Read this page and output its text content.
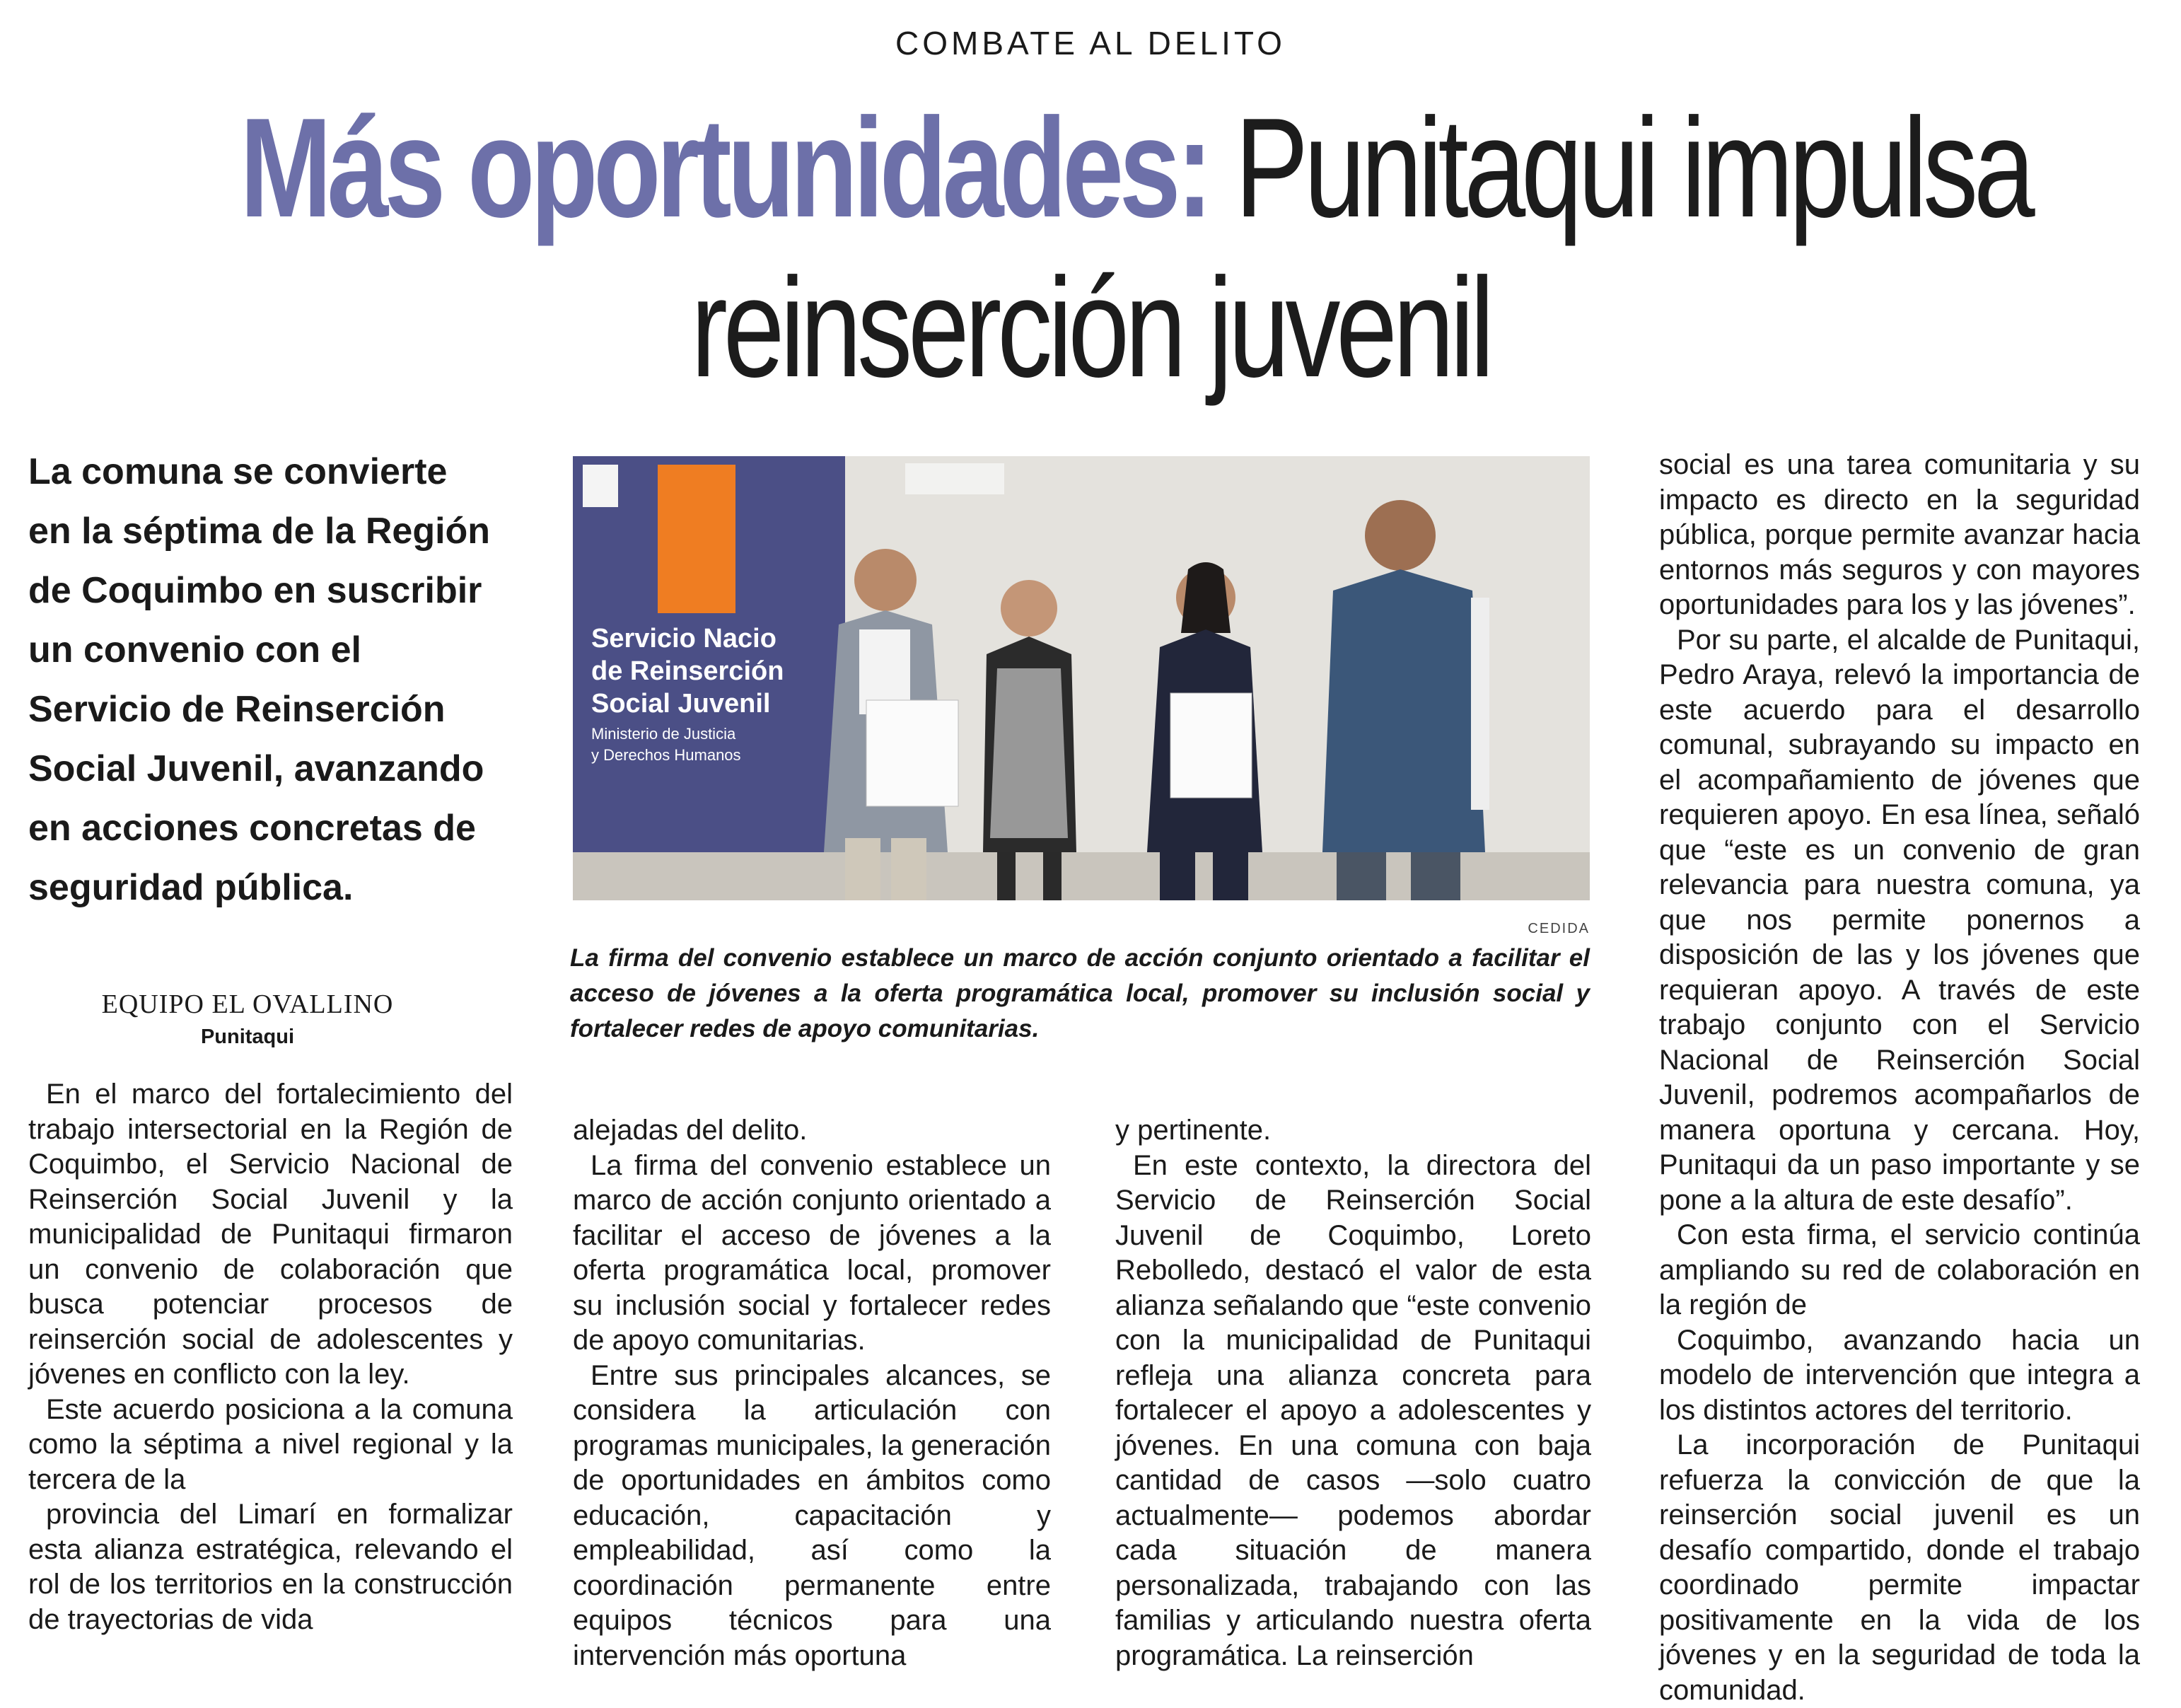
COMBATE AL DELITO
Más oportunidades: Punitaqui impulsa
reinserción juvenil
La comuna se convierte en la séptima de la Región de Coquimbo en suscribir un convenio con el Servicio de Reinserción Social Juvenil, avanzando en acciones concretas de seguridad pública.
EQUIPO EL OVALLINO
Punitaqui
Servicio Nacio
de Reinserción
Social Juvenil
Ministerio de Justicia
y Derechos Humanos
CEDIDA
La firma del convenio establece un marco de acción conjunto orientado a facilitar el acceso de jóvenes a la oferta programática local, promover su inclusión social y fortalecer redes de apoyo comunitarias.

En el marco del fortalecimiento del trabajo intersectorial en la Región de Coquimbo, el Servicio Nacional de Reinserción Social Juvenil y la municipalidad de Punitaqui firmaron un convenio de colaboración que busca potenciar procesos de reinserción social de adolescentes y jóvenes en conflicto con la ley.

Este acuerdo posiciona a la comuna como la séptima a nivel regional y la tercera de la

provincia del Limarí en formalizar esta alianza estratégica, relevando el rol de los territorios en la construcción de trayectorias de vida

alejadas del delito.

La firma del convenio establece un marco de acción conjunto orientado a facilitar el acceso de jóvenes a la oferta programática local, promover su inclusión social y fortalecer redes de apoyo comunitarias.

Entre sus principales alcances, se considera la articulación con programas municipales, la generación de oportunidades en ámbitos como educación, capacitación y empleabilidad, así como la coordinación permanente entre equipos técnicos para una intervención más oportuna

y pertinente.

En este contexto, la directora del Servicio de Reinserción Social Juvenil de Coquimbo, Loreto Rebolledo, destacó el valor de esta alianza señalando que “este convenio con la municipalidad de Punitaqui refleja una alianza concreta para fortalecer el apoyo a adolescentes y jóvenes. En una comuna con baja cantidad de casos —solo cuatro actualmente— podemos abordar cada situación de manera personalizada, trabajando con las familias y articulando nuestra oferta programática. La reinserción

social es una tarea comunitaria y su impacto es directo en la seguridad pública, porque permite avanzar hacia entornos más seguros y con mayores oportunidades para los y las jóvenes”.

Por su parte, el alcalde de Punitaqui, Pedro Araya, relevó la importancia de este acuerdo para el desarrollo comunal, subrayando su impacto en el acompañamiento de jóvenes que requieren apoyo. En esa línea, señaló que “este es un convenio de gran relevancia para nuestra comuna, ya que nos permite ponernos a disposición de las y los jóvenes que requieran apoyo. A través de este trabajo conjunto con el Servicio Nacional de Reinserción Social Juvenil, podremos acompañarlos de manera oportuna y cercana. Hoy, Punitaqui da un paso importante y se pone a la altura de este desafío”.

Con esta firma, el servicio continúa ampliando su red de colaboración en la región de

Coquimbo, avanzando hacia un modelo de intervención que integra a los distintos actores del territorio.

La incorporación de Punitaqui refuerza la convicción de que la reinserción social juvenil es un desafío compartido, donde el trabajo coordinado permite impactar positivamente en la vida de los jóvenes y en la seguridad de toda la comunidad.
